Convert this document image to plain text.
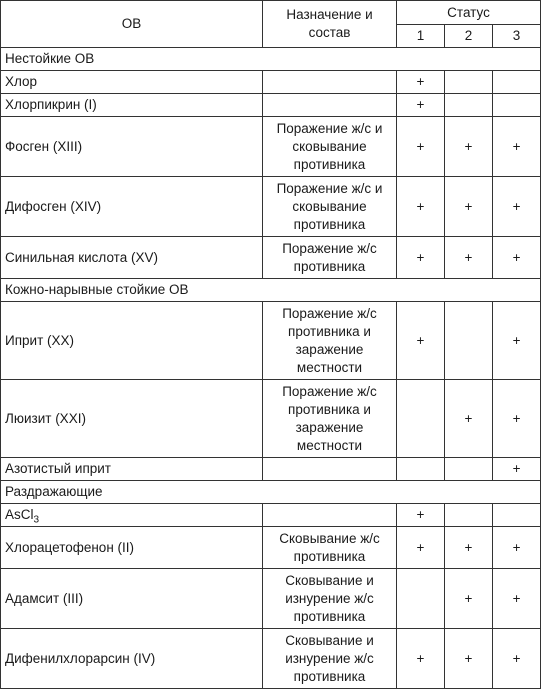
ОВ	Назначение и состав	Статус		
		1	2	3
Нестойкие ОВ				
Хлор		+		
Хлорпикрин (I)		+		
Фосген (XIII)	Поражение ж/с и сковывание противника	+	+	+
Дифосген (XIV)	Поражение ж/с и сковывание противника	+	+	+
Синильная кислота (XV)	Поражение ж/с противника	+	+	+
Кожно-нарывные стойкие ОВ				
Иприт (XX)	Поражение ж/с противника и заражение местности	+		+
Люизит (XXI)	Поражение ж/с противника и заражение местности		+	+
Азотистый иприт				+
Раздражающие				
AsCl$_3$		+		
Хлорацетофенон (II)	Сковывание ж/с противника	+	+	+
Адамсит (III)	Сковывание и изнурение ж/с противника		+	+
Дифенилхлорарсин (IV)	Сковывание и изнурение ж/с противника	+	+	+
